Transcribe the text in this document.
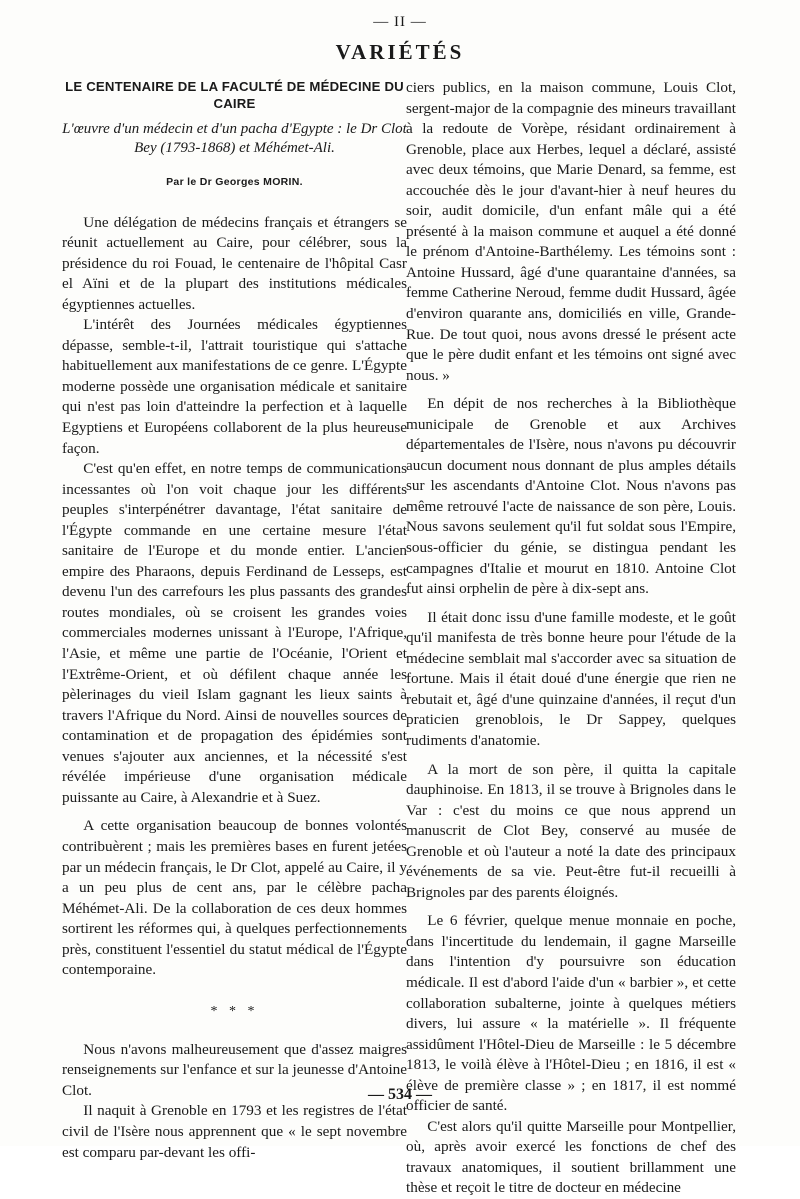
— II —
VARIÉTÉS
LE CENTENAIRE DE LA FACULTÉ DE MÉDECINE DU CAIRE
L'œuvre d'un médecin et d'un pacha d'Egypte : le Dr Clot Bey (1793-1868) et Méhémet-Ali.
Par le Dr Georges MORIN.

Une délégation de médecins français et étrangers se réunit actuellement au Caire, pour célébrer, sous la présidence du roi Fouad, le centenaire de l'hôpital Casr el Aïni et de la plupart des institutions médicales égyptiennes actuelles.

L'intérêt des Journées médicales égyptiennes dépasse, semble-t-il, l'attrait touristique qui s'attache habituellement aux manifestations de ce genre. L'Égypte moderne possède une organisation médicale et sanitaire qui n'est pas loin d'atteindre la perfection et à laquelle Egyptiens et Européens collaborent de la plus heureuse façon.

C'est qu'en effet, en notre temps de communications incessantes où l'on voit chaque jour les différents peuples s'interpénétrer davantage, l'état sanitaire de l'Égypte commande en une certaine mesure l'état sanitaire de l'Europe et du monde entier. L'ancien empire des Pharaons, depuis Ferdinand de Lesseps, est devenu l'un des carrefours les plus passants des grandes routes mondiales, où se croisent les grandes voies commerciales modernes unissant à l'Europe, l'Afrique, l'Asie, et même une partie de l'Océanie, l'Orient et l'Extrême-Orient, et où défilent chaque année les pèlerinages du vieil Islam gagnant les lieux saints à travers l'Afrique du Nord. Ainsi de nouvelles sources de contamination et de propagation des épidémies sont venues s'ajouter aux anciennes, et la nécessité s'est révélée impérieuse d'une organisation médicale puissante au Caire, à Alexandrie et à Suez.

A cette organisation beaucoup de bonnes volontés contribuèrent ; mais les premières bases en furent jetées par un médecin français, le Dr Clot, appelé au Caire, il y a un peu plus de cent ans, par le célèbre pacha Méhémet-Ali. De la collaboration de ces deux hommes sortirent les réformes qui, à quelques perfectionnements près, constituent l'essentiel du statut médical de l'Égypte contemporaine.

* * *

Nous n'avons malheureusement que d'assez maigres renseignements sur l'enfance et sur la jeunesse d'Antoine Clot.

Il naquit à Grenoble en 1793 et les registres de l'état civil de l'Isère nous apprennent que « le sept novembre est comparu par-devant les offi-

ciers publics, en la maison commune, Louis Clot, sergent-major de la compagnie des mineurs travaillant à la redoute de Vorèpe, résidant ordinairement à Grenoble, place aux Herbes, lequel a déclaré, assisté avec deux témoins, que Marie Denard, sa femme, est accouchée dès le jour d'avant-hier à neuf heures du soir, audit domicile, d'un enfant mâle qui a été présenté à la maison commune et auquel a été donné le prénom d'Antoine-Barthélemy. Les témoins sont : Antoine Hussard, âgé d'une quarantaine d'années, sa femme Catherine Neroud, femme dudit Hussard, âgée d'environ quarante ans, domiciliés en ville, Grande-Rue. De tout quoi, nous avons dressé le présent acte que le père dudit enfant et les témoins ont signé avec nous. »

En dépit de nos recherches à la Bibliothèque municipale de Grenoble et aux Archives départementales de l'Isère, nous n'avons pu découvrir aucun document nous donnant de plus amples détails sur les ascendants d'Antoine Clot. Nous n'avons pas même retrouvé l'acte de naissance de son père, Louis. Nous savons seulement qu'il fut soldat sous l'Empire, sous-officier du génie, se distingua pendant les campagnes d'Italie et mourut en 1810. Antoine Clot fut ainsi orphelin de père à dix-sept ans.

Il était donc issu d'une famille modeste, et le goût qu'il manifesta de très bonne heure pour l'étude de la médecine semblait mal s'accorder avec sa situation de fortune. Mais il était doué d'une énergie que rien ne rebutait et, âgé d'une quinzaine d'années, il reçut d'un praticien grenoblois, le Dr Sappey, quelques rudiments d'anatomie.

A la mort de son père, il quitta la capitale dauphinoise. En 1813, il se trouve à Brignoles dans le Var : c'est du moins ce que nous apprend un manuscrit de Clot Bey, conservé au musée de Grenoble et où l'auteur a noté la date des principaux événements de sa vie. Peut-être fut-il recueilli à Brignoles par des parents éloignés.

Le 6 février, quelque menue monnaie en poche, dans l'incertitude du lendemain, il gagne Marseille dans l'intention d'y poursuivre son éducation médicale. Il est d'abord l'aide d'un « barbier », et cette collaboration subalterne, jointe à quelques métiers divers, lui assure « la matérielle ». Il fréquente assidûment l'Hôtel-Dieu de Marseille : le 5 décembre 1813, le voilà élève à l'Hôtel-Dieu ; en 1816, il est « élève de première classe » ; en 1817, il est nommé officier de santé.

C'est alors qu'il quitte Marseille pour Montpellier, où, après avoir exercé les fonctions de chef des travaux anatomiques, il soutient brillamment une thèse et reçoit le titre de docteur en médecine

— 534 —
